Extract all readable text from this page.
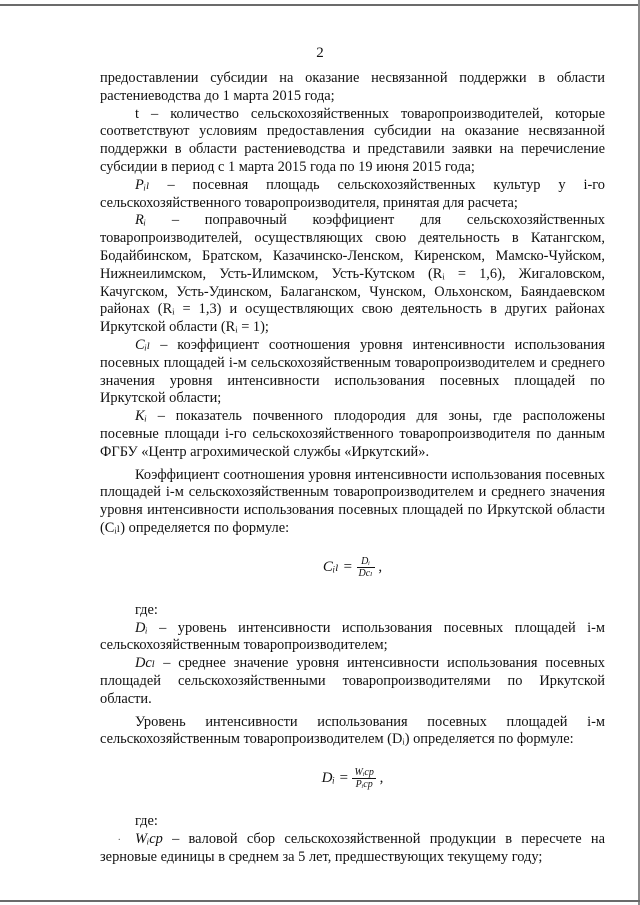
2

предоставлении субсидии на оказание несвязанной поддержки в области растениеводства до 1 марта 2015 года;

t – количество сельскохозяйственных товаропроизводителей, которые соответствуют условиям предоставления субсидии на оказание несвязанной поддержки в области растениеводства и представили заявки на перечисление субсидии в период с 1 марта 2015 года по 19 июня 2015 года;

Pᵢₗ – посевная площадь сельскохозяйственных культур у i-го сельскохозяйственного товаропроизводителя, принятая для расчета;

Rᵢ – поправочный коэффициент для сельскохозяйственных товаропроизводителей, осуществляющих свою деятельность в Катангском, Бодайбинском, Братском, Казачинско-Ленском, Киренском, Мамско-Чуйском, Нижнеилимском, Усть-Илимском, Усть-Кутском (Rᵢ = 1,6), Жигаловском, Качугском, Усть-Удинском, Балаганском, Чунском, Ольхонском, Баяндаевском районах (Rᵢ = 1,3) и осуществляющих свою деятельность в других районах Иркутской области (Rᵢ = 1);

Cᵢₗ – коэффициент соотношения уровня интенсивности использования посевных площадей i-м сельскохозяйственным товаропроизводителем и среднего значения уровня интенсивности использования посевных площадей по Иркутской области;

Kᵢ – показатель почвенного плодородия для зоны, где расположены посевные площади i-го сельскохозяйственного товаропроизводителя по данным ФГБУ «Центр агрохимической службы «Иркутский».

Коэффициент соотношения уровня интенсивности использования посевных площадей i-м сельскохозяйственным товаропроизводителем и среднего значения уровня интенсивности использования посевных площадей по Иркутской области (Cᵢₗ) определяется по формуле:

Cᵢₗ = $\frac{\text{Dᵢ}}{\text{Dcₗ}}$ ,

где:

Dᵢ – уровень интенсивности использования посевных площадей i-м сельскохозяйственным товаропроизводителем;

Dcₗ – среднее значение уровня интенсивности использования посевных площадей сельскохозяйственными товаропроизводителями по Иркутской области.

Уровень интенсивности использования посевных площадей i-м сельскохозяйственным товаропроизводителем (Dᵢ) определяется по формуле:

Dᵢ = $\frac{\text{Wᵢcр}}{\text{Pᵢcр}}$ ,

где:

Wᵢcр – валовой сбор сельскохозяйственной продукции в пересчете на зерновые единицы в среднем за 5 лет, предшествующих текущему году;

.
